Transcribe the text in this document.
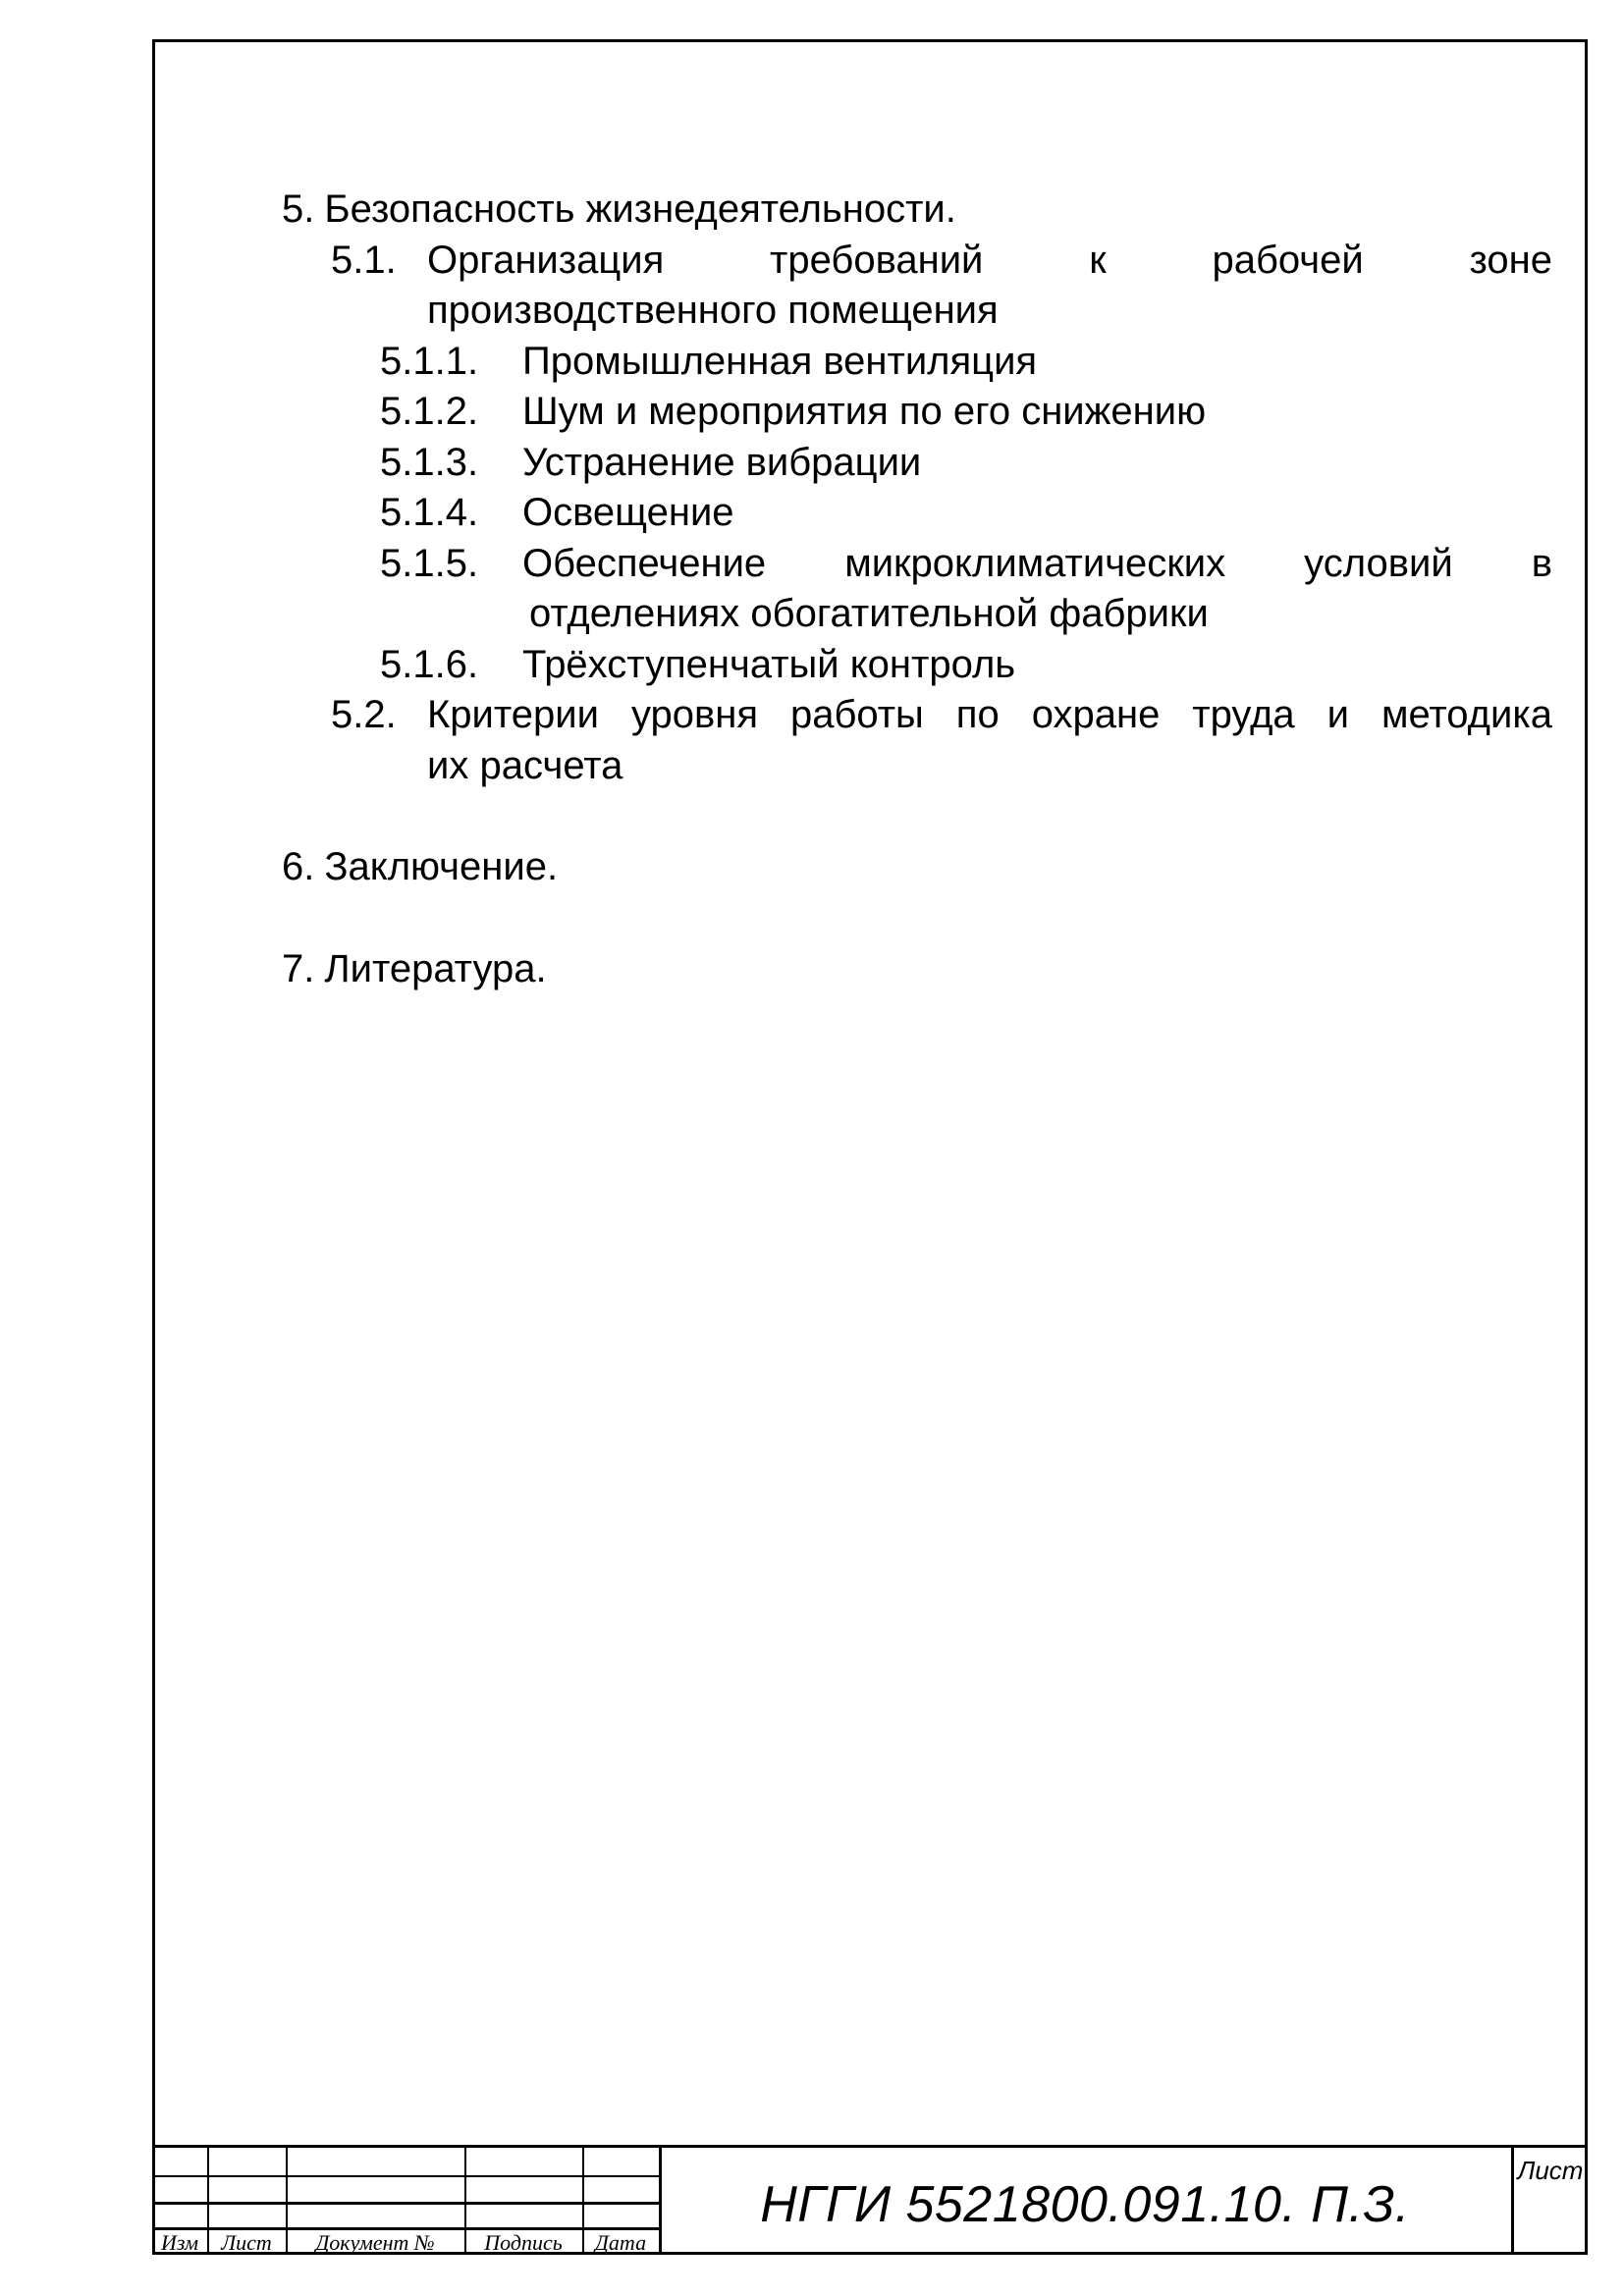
5. Безопасность жизнедеятельности.
5.1. Организация	требований	к	рабочей	зоне
производственного помещения
5.1.1.	Промышленная вентиляция
5.1.2.	Шум и мероприятия по его снижению
5.1.3.	Устранение вибрации
5.1.4.	Освещение
5.1.5.	Обеспечение микроклиматических условий в
отделениях обогатительной фабрики
5.1.6.	Трёхступенчатый контроль
5.2. Критерии уровня работы по охране труда и методика
их расчета
6. Заключение.
7. Литература.
Изм	Лист	Документ №	Подпись	Дата
НГГИ 5521800.091.10. П.З.
Лист
